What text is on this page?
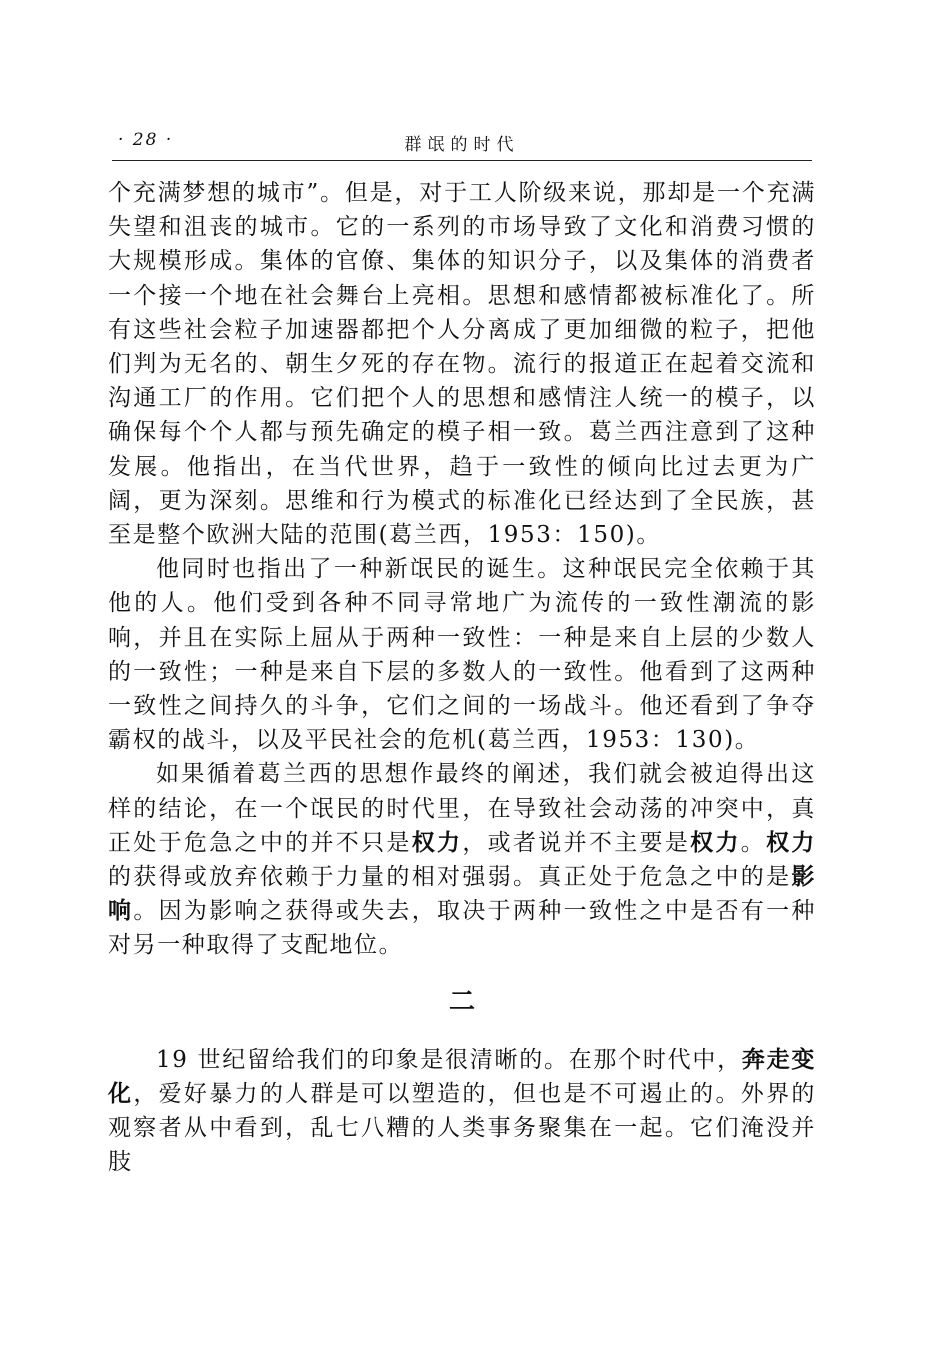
· 28 ·	群氓的时代

个充满梦想的城市”。但是，对于工人阶级来说，那却是一个充满失望和沮丧的城市。它的一系列的市场导致了文化和消费习惯的大规模形成。集体的官僚、集体的知识分子，以及集体的消费者一个接一个地在社会舞台上亮相。思想和感情都被标准化了。所有这些社会粒子加速器都把个人分离成了更加细微的粒子，把他们判为无名的、朝生夕死的存在物。流行的报道正在起着交流和沟通工厂的作用。它们把个人的思想和感情注人统一的模子，以确保每个个人都与预先确定的模子相一致。葛兰西注意到了这种发展。他指出，在当代世界，趋于一致性的倾向比过去更为广阔，更为深刻。思维和行为模式的标准化已经达到了全民族，甚至是整个欧洲大陆的范围(葛兰西，1953：150)。

他同时也指出了一种新氓民的诞生。这种氓民完全依赖于其他的人。他们受到各种不同寻常地广为流传的一致性潮流的影响，并且在实际上屈从于两种一致性：一种是来自上层的少数人的一致性；一种是来自下层的多数人的一致性。他看到了这两种一致性之间持久的斗争，它们之间的一场战斗。他还看到了争夺霸权的战斗，以及平民社会的危机(葛兰西，1953：130)。

如果循着葛兰西的思想作最终的阐述，我们就会被迫得出这样的结论，在一个氓民的时代里，在导致社会动荡的冲突中，真正处于危急之中的并不只是权力，或者说并不主要是权力。权力的获得或放弃依赖于力量的相对强弱。真正处于危急之中的是影响。因为影响之获得或失去，取决于两种一致性之中是否有一种对另一种取得了支配地位。

二

19 世纪留给我们的印象是很清晰的。在那个时代中，奔走变化，爱好暴力的人群是可以塑造的，但也是不可遏止的。外界的观察者从中看到，乱七八糟的人类事务聚集在一起。它们淹没并肢
